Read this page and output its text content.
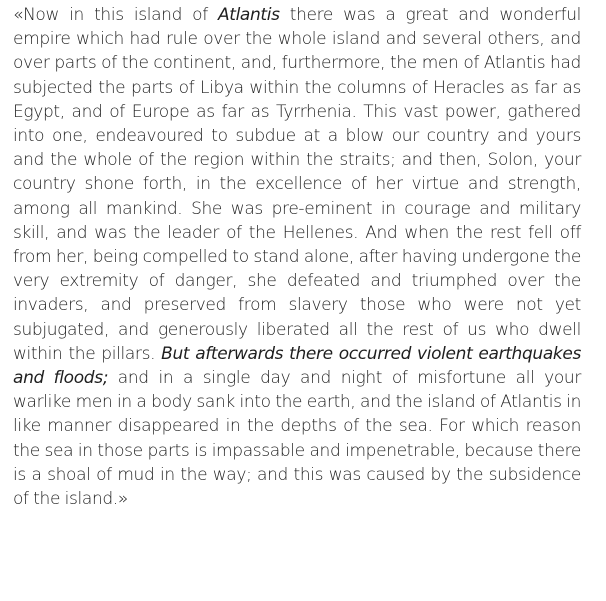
«Now in this island of Atlantis there was a great and wonderful empire which had rule over the whole island and several others, and over parts of the continent, and, furthermore, the men of Atlantis had subjected the parts of Libya within the columns of Heracles as far as Egypt, and of Europe as far as Tyrrhenia. This vast power, gathered into one, endeavoured to subdue at a blow our country and yours and the whole of the region within the straits; and then, Solon, your country shone forth, in the excellence of her virtue and strength, among all mankind. She was pre-eminent in courage and military skill, and was the leader of the Hellenes. And when the rest fell off from her, being compelled to stand alone, after having undergone the very extremity of danger, she defeated and triumphed over the invaders, and preserved from slavery those who were not yet subjugated, and generously liberated all the rest of us who dwell within the pillars. But afterwards there occurred violent earthquakes and floods; and in a single day and night of misfortune all your warlike men in a body sank into the earth, and the island of Atlantis in like manner disappeared in the depths of the sea. For which reason the sea in those parts is impassable and impenetrable, because there is a shoal of mud in the way; and this was caused by the subsidence of the island.»
